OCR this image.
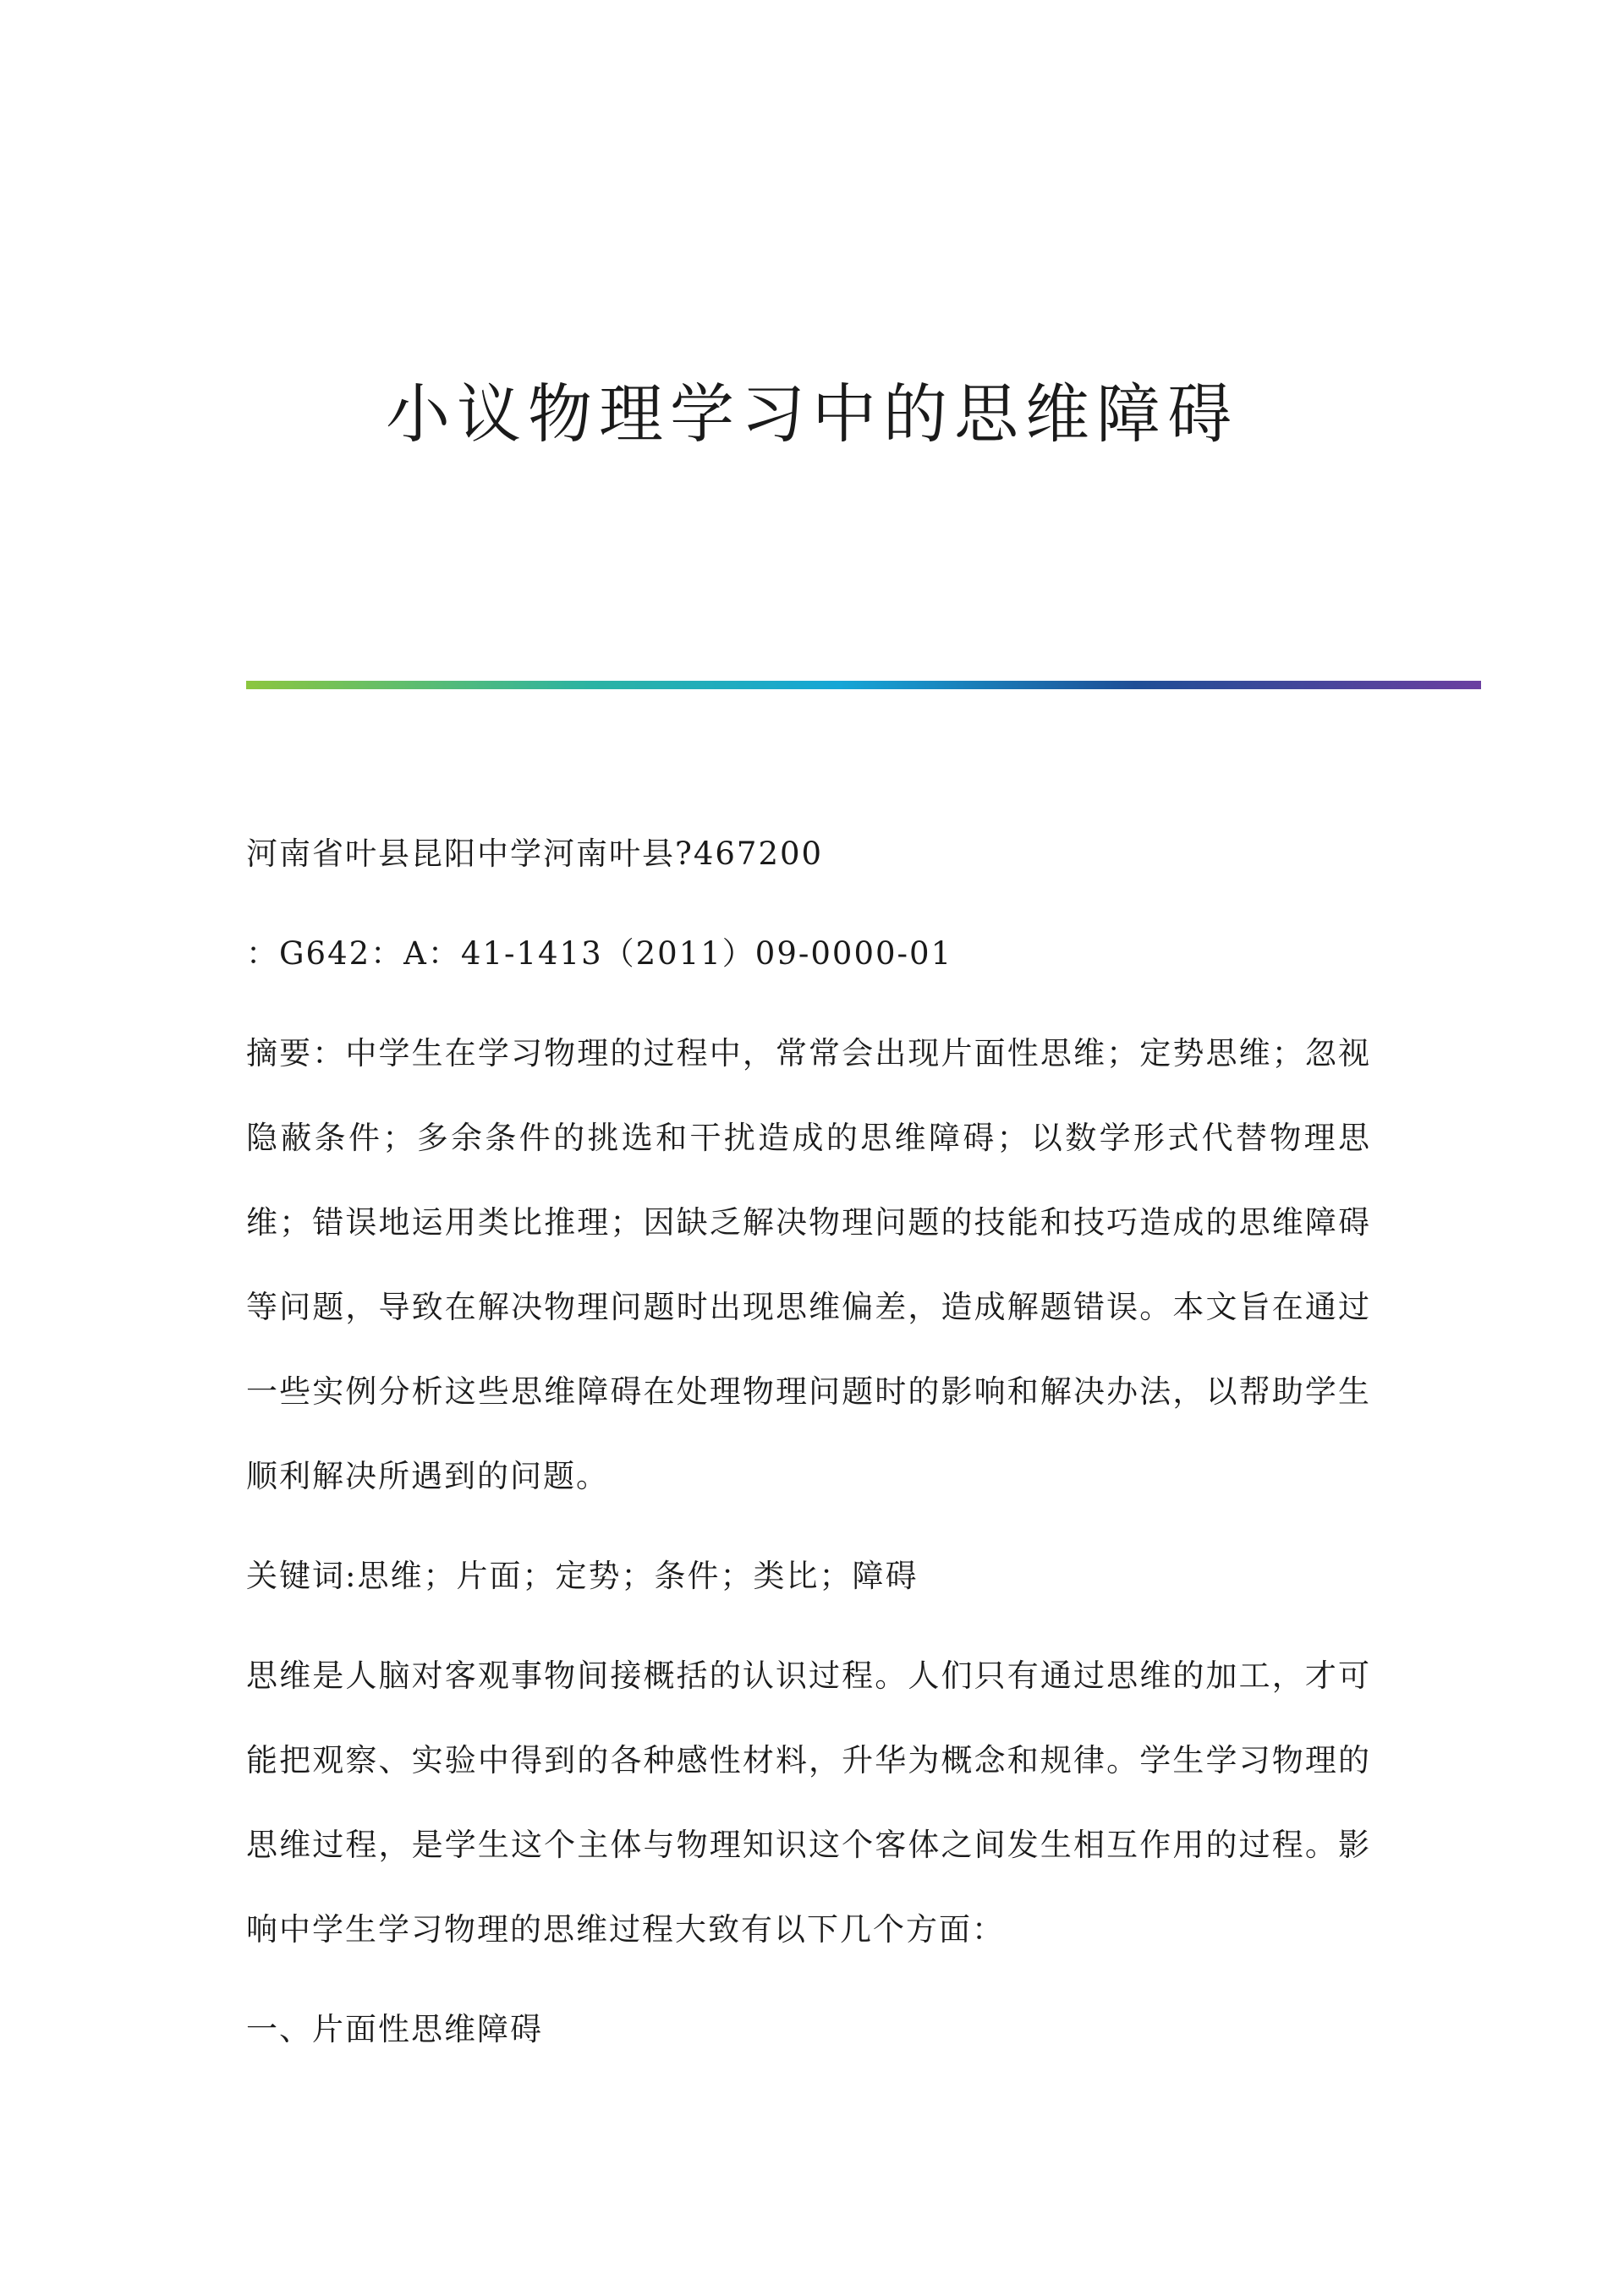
小议物理学习中的思维障碍

河南省叶县昆阳中学河南叶县?467200

：G642：A：41-1413（2011）09-0000-01

摘要：中学生在学习物理的过程中，常常会出现片面性思维；定势思维；忽视隐蔽条件；多余条件的挑选和干扰造成的思维障碍；以数学形式代替物理思维；错误地运用类比推理；因缺乏解决物理问题的技能和技巧造成的思维障碍等问题，导致在解决物理问题时出现思维偏差，造成解题错误。本文旨在通过一些实例分析这些思维障碍在处理物理问题时的影响和解决办法，以帮助学生顺利解决所遇到的问题。

关键词:思维；片面；定势；条件；类比；障碍

思维是人脑对客观事物间接概括的认识过程。人们只有通过思维的加工，才可能把观察、实验中得到的各种感性材料，升华为概念和规律。学生学习物理的思维过程，是学生这个主体与物理知识这个客体之间发生相互作用的过程。影响中学生学习物理的思维过程大致有以下几个方面：

一、片面性思维障碍
